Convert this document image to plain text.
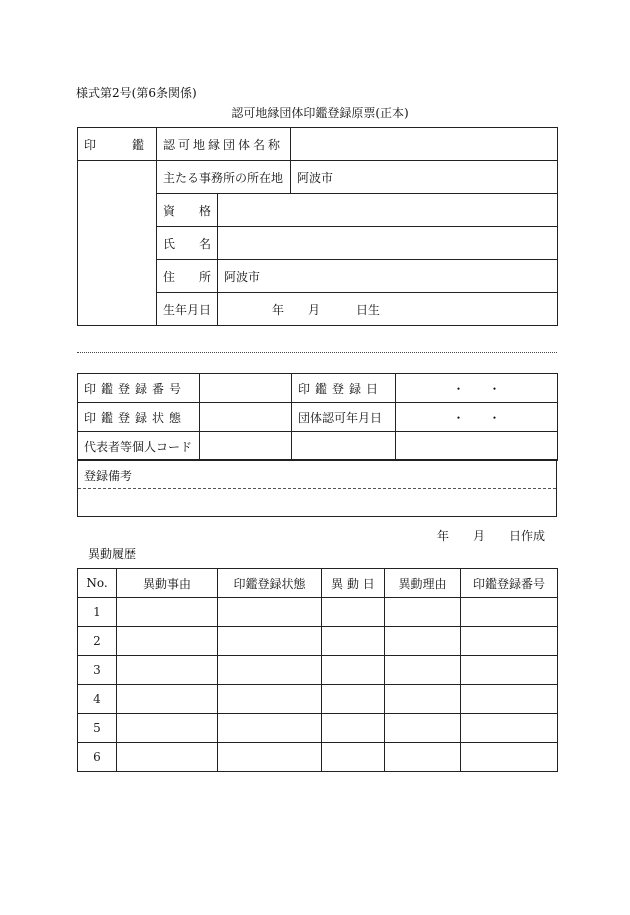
様式第2号(第6条関係)
認可地縁団体印鑑登録原票(正本)
印　　　鑑	認可地縁団体名称		
	主たる事務所の所在地		阿波市
	資　　格		
	氏　　名		
	住　　所	阿波市	
	生年月日	年　　月　　　日生	
印鑑登録番号		印鑑登録日	・　　・
印鑑登録状態		団体認可年月日	・　　・
代表者等個人コード			
登録備考
年　　月　　日作成
異動履歴
No.	異動事由	印鑑登録状態	異 動 日	異動理由	印鑑登録番号
1					
2					
3					
4					
5					
6					
